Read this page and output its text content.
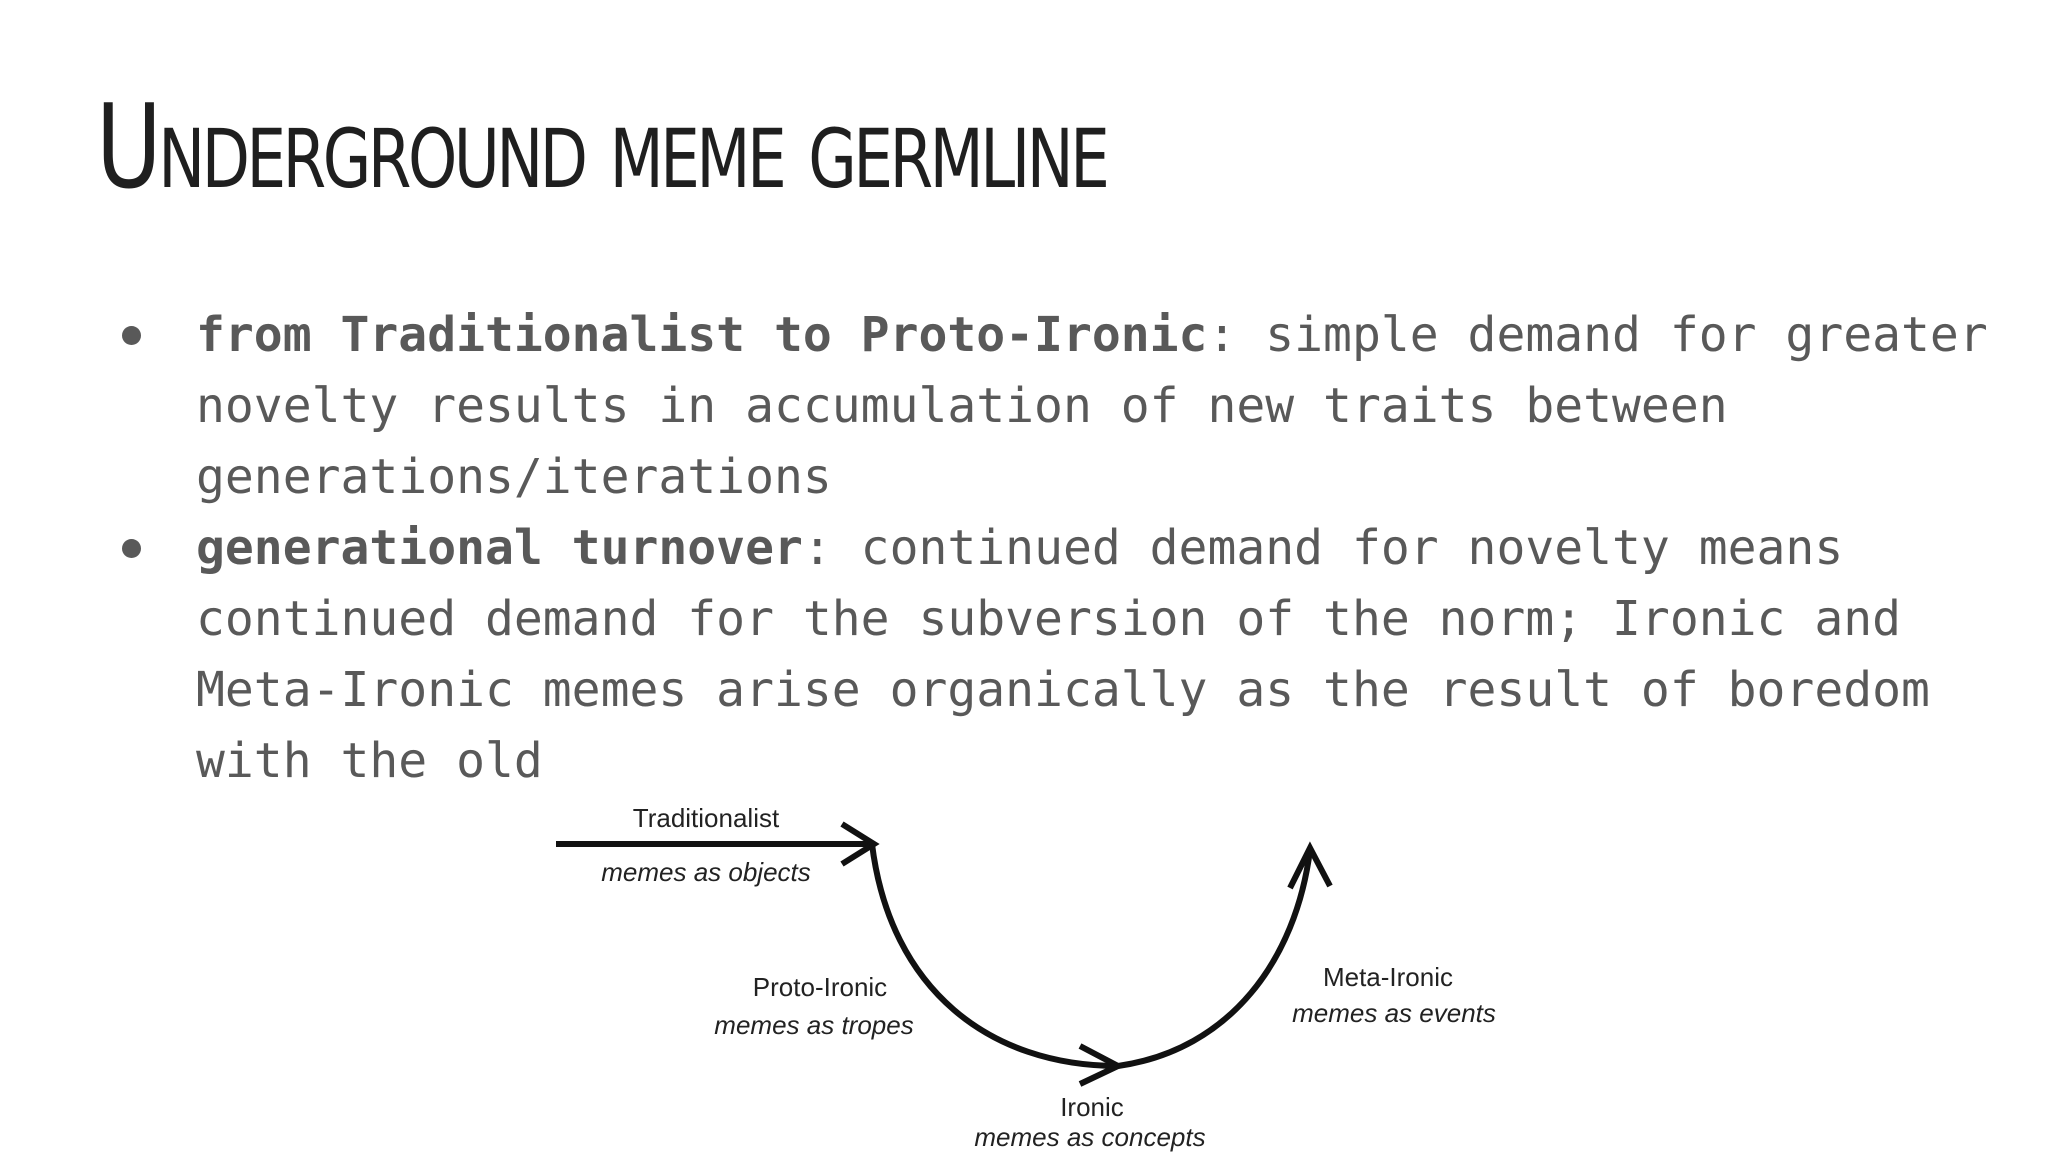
Underground meme germline
from Traditionalist to Proto-Ironic: simple demand for greater novelty results in accumulation of new traits between generations/iterations
generational turnover: continued demand for novelty means continued demand for the subversion of the norm; Ironic and Meta-Ironic memes arise organically as the result of boredom with the old
Traditionalist
memes as objects
Proto-Ironic
memes as tropes
Ironic
memes as concepts
Meta-Ironic
memes as events
